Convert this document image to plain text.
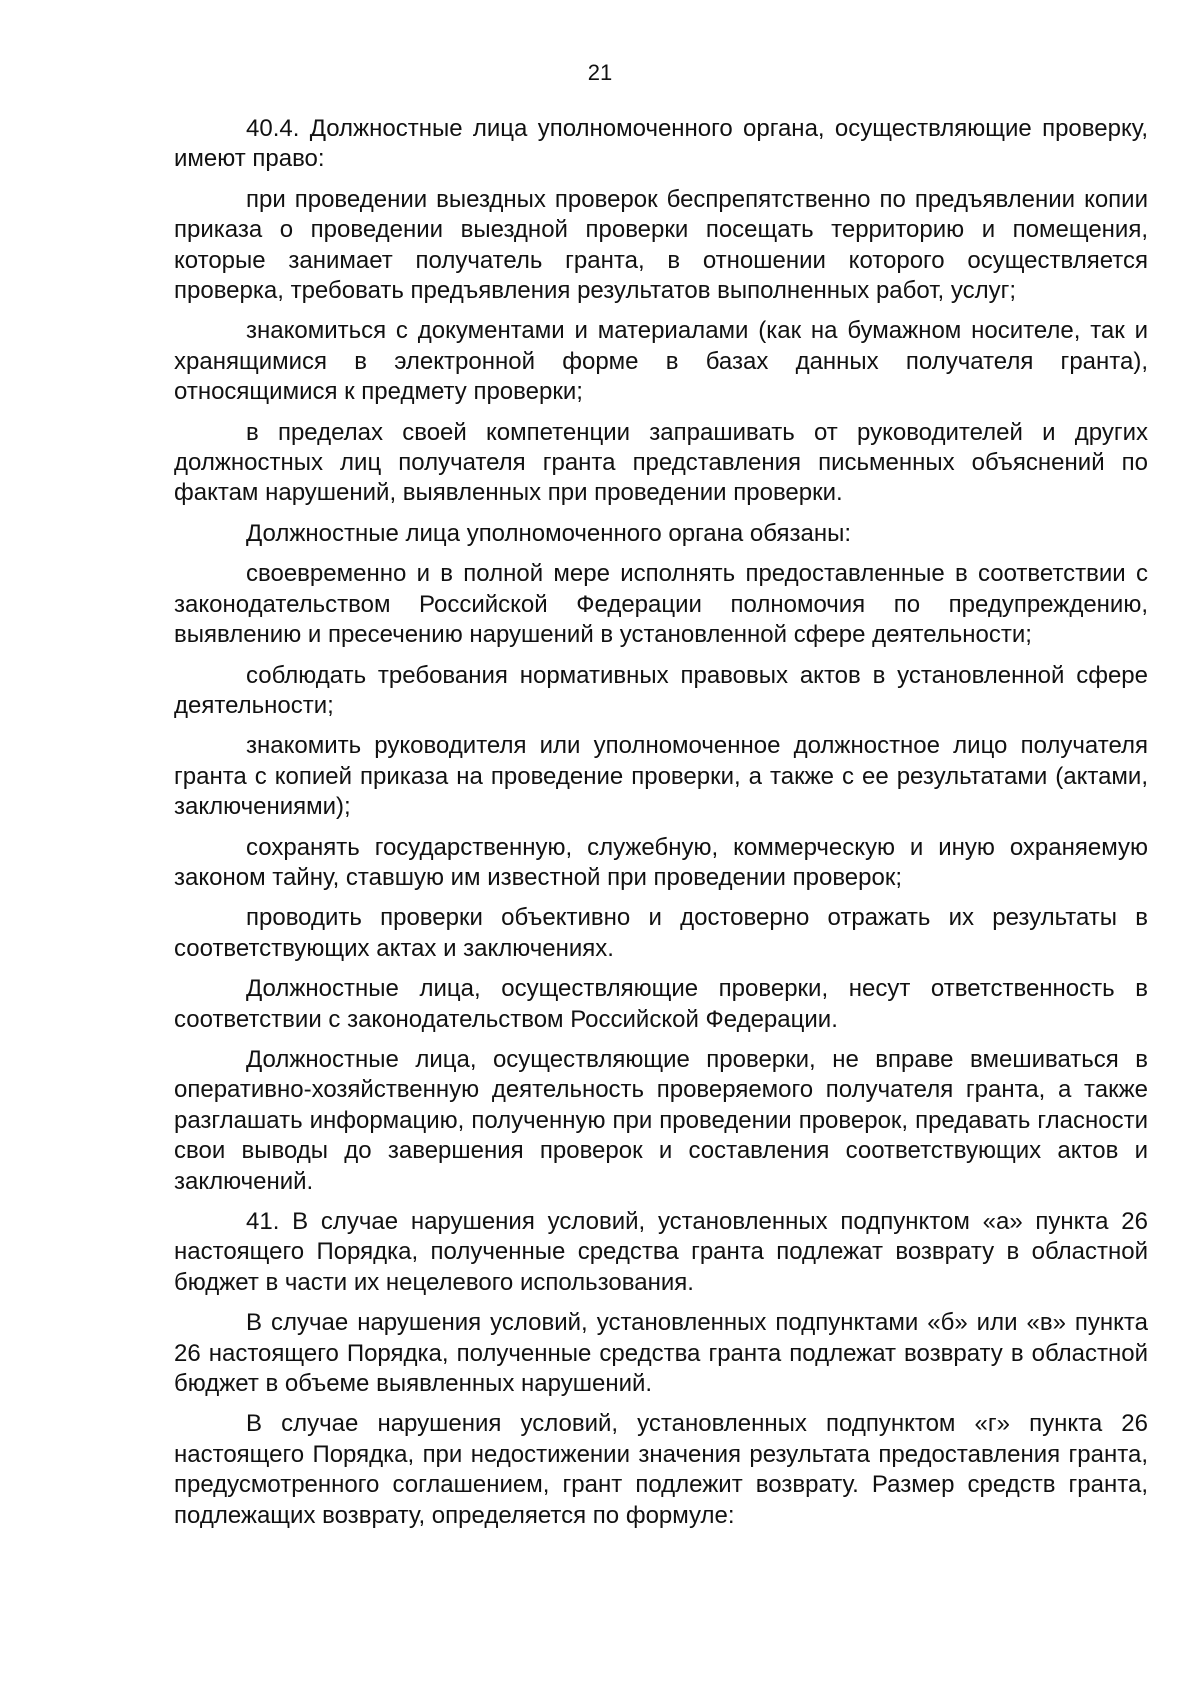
21

40.4. Должностные лица уполномоченного органа, осуществляющие проверку, имеют право:

при проведении выездных проверок беспрепятственно по предъявлении копии приказа о проведении выездной проверки посещать территорию и помещения, которые занимает получатель гранта, в отношении которого осуществляется проверка, требовать предъявления результатов выполненных работ, услуг;

знакомиться с документами и материалами (как на бумажном носителе, так и хранящимися в электронной форме в базах данных получателя гранта), относящимися к предмету проверки;

в пределах своей компетенции запрашивать от руководителей и других должностных лиц получателя гранта представления письменных объяснений по фактам нарушений, выявленных при проведении проверки.

Должностные лица уполномоченного органа обязаны:

своевременно и в полной мере исполнять предоставленные в соответствии с законодательством Российской Федерации полномочия по предупреждению, выявлению и пресечению нарушений в установленной сфере деятельности;

соблюдать требования нормативных правовых актов в установленной сфере деятельности;

знакомить руководителя или уполномоченное должностное лицо получателя гранта с копией приказа на проведение проверки, а также с ее результатами (актами, заключениями);

сохранять государственную, служебную, коммерческую и иную охраняемую законом тайну, ставшую им известной при проведении проверок;

проводить проверки объективно и достоверно отражать их результаты в соответствующих актах и заключениях.

Должностные лица, осуществляющие проверки, несут ответственность в соответствии с законодательством Российской Федерации.

Должностные лица, осуществляющие проверки, не вправе вмешиваться в оперативно-хозяйственную деятельность проверяемого получателя гранта, а также разглашать информацию, полученную при проведении проверок, предавать гласности свои выводы до завершения проверок и составления соответствующих актов и заключений.

41. В случае нарушения условий, установленных подпунктом «а» пункта 26 настоящего Порядка, полученные средства гранта подлежат возврату в областной бюджет в части их нецелевого использования.

В случае нарушения условий, установленных подпунктами «б» или «в» пункта 26 настоящего Порядка, полученные средства гранта подлежат возврату в областной бюджет в объеме выявленных нарушений.

В случае нарушения условий, установленных подпунктом «г» пункта 26 настоящего Порядка, при недостижении значения результата предоставления гранта, предусмотренного соглашением, грант подлежит возврату. Размер средств гранта, подлежащих возврату, определяется по формуле:
